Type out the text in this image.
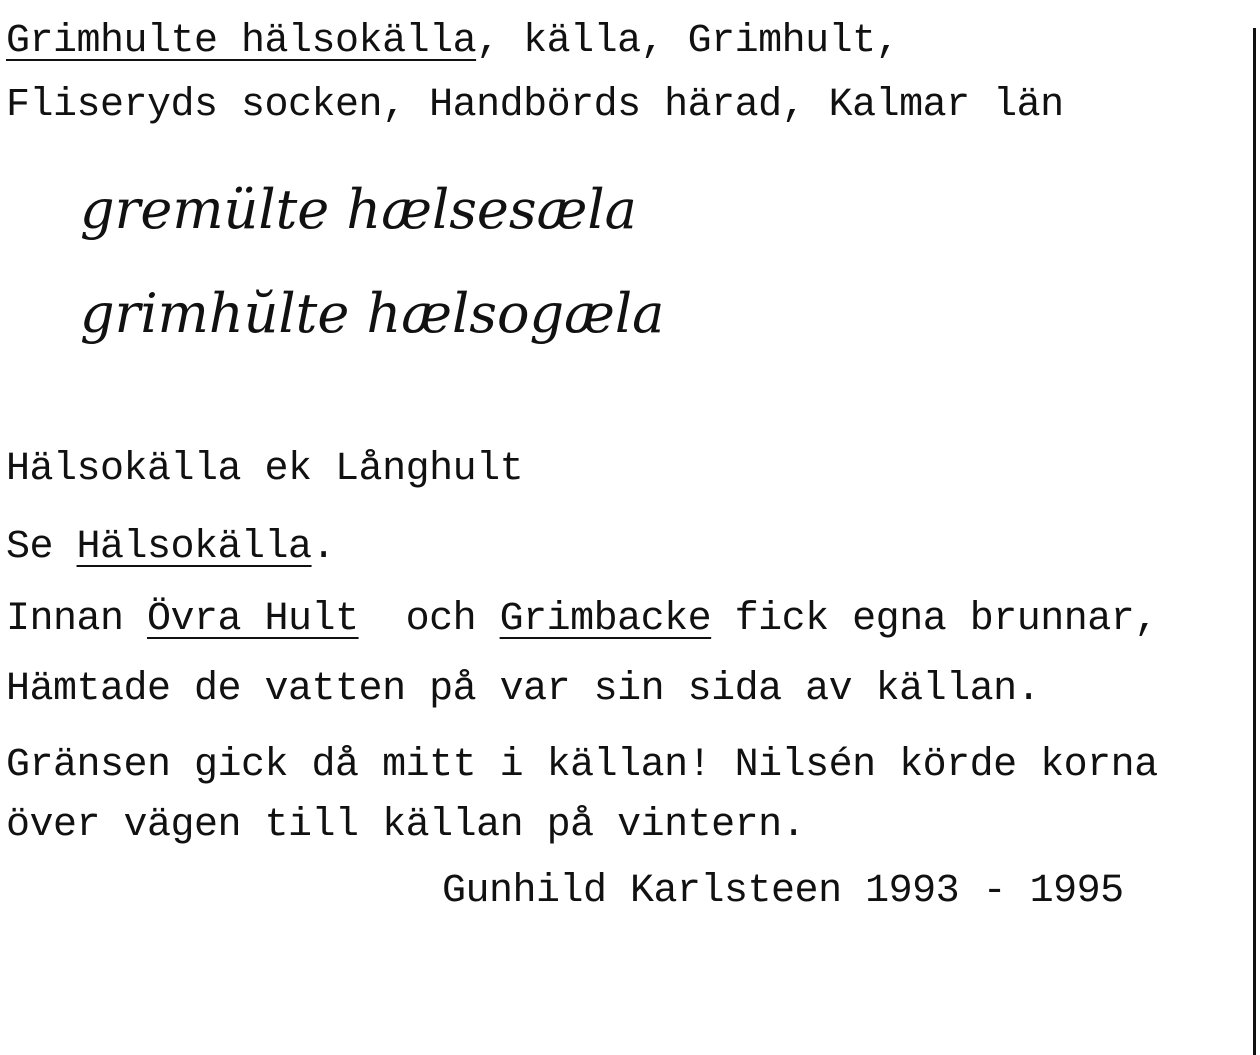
Grimhulte hälsokälla, källa, Grimhult,
Fliseryds socken, Handbörds härad, Kalmar län
gremülte hælsesæla
grimhŭlte hælsogæla
Hälsokälla ek Långhult
Se Hälsokälla.
Innan Övra Hult  och Grimbacke fick egna brunnar,
Hämtade de vatten på var sin sida av källan.
Gränsen gick då mitt i källan! Nilsén körde korna
över vägen till källan på vintern.
Gunhild Karlsteen 1993 - 1995
